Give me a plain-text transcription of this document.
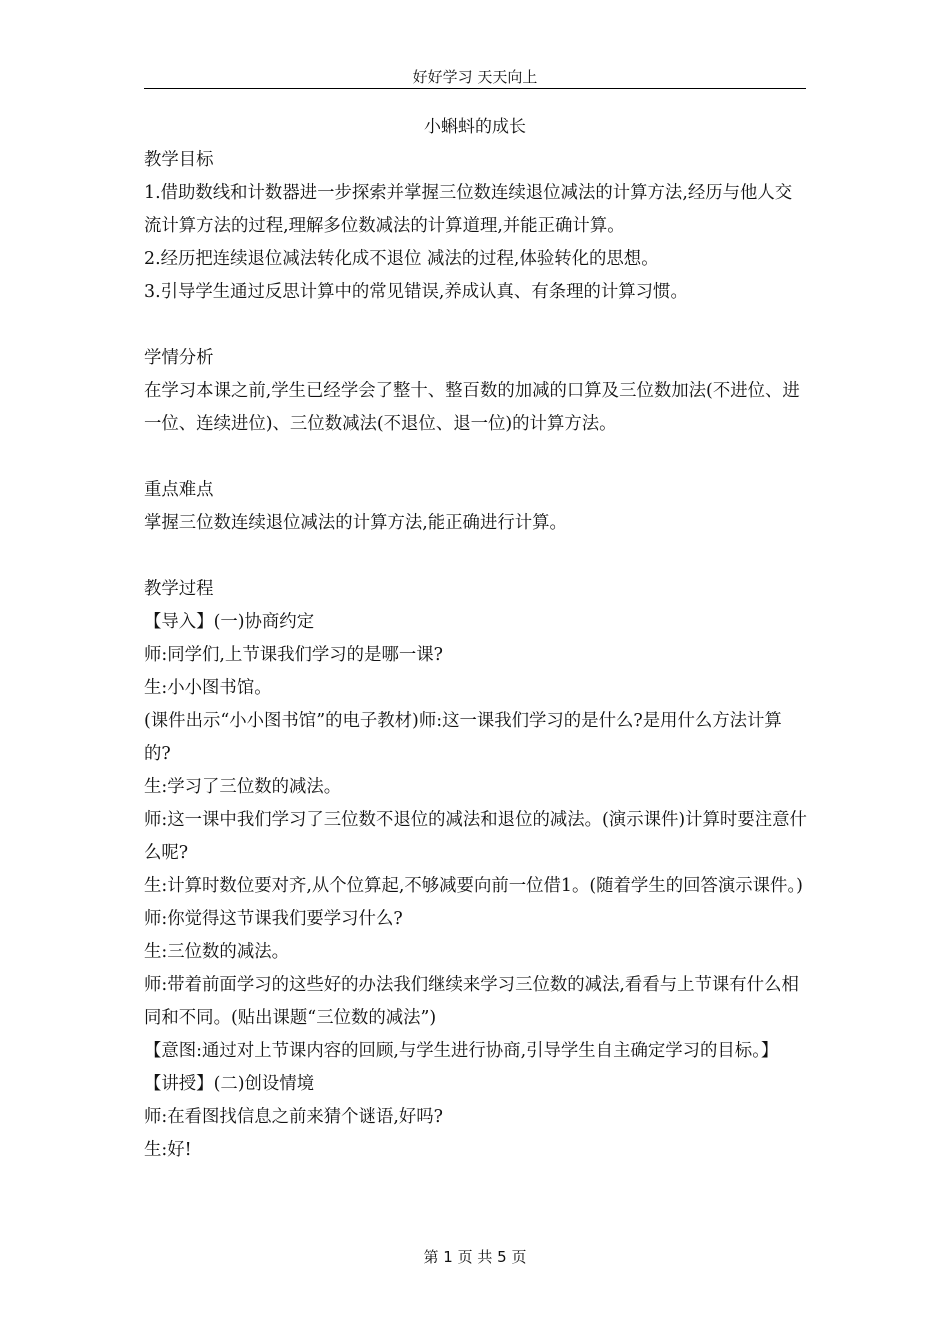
好好学习 天天向上
小蝌蚪的成长

教学目标

1.借助数线和计数器进一步探索并掌握三位数连续退位减法的计算方法,经历与他人交流计算方法的过程,理解多位数减法的计算道理,并能正确计算。

2.经历把连续退位减法转化成不退位 减法的过程,体验转化的思想。

3.引导学生通过反思计算中的常见错误,养成认真、有条理的计算习惯。

学情分析

在学习本课之前,学生已经学会了整十、整百数的加减的口算及三位数加法(不进位、进一位、连续进位)、三位数减法(不退位、退一位)的计算方法。

重点难点

掌握三位数连续退位减法的计算方法,能正确进行计算。

教学过程

【导入】(一)协商约定

师:同学们,上节课我们学习的是哪一课?

生:小小图书馆。

(课件出示“小小图书馆”的电子教材)师:这一课我们学习的是什么?是用什么方法计算的?

生:学习了三位数的减法。

师:这一课中我们学习了三位数不退位的减法和退位的减法。(演示课件)计算时要注意什么呢?

生:计算时数位要对齐,从个位算起,不够减要向前一位借1。(随着学生的回答演示课件。)

师:你觉得这节课我们要学习什么?

生:三位数的减法。

师:带着前面学习的这些好的办法我们继续来学习三位数的减法,看看与上节课有什么相同和不同。(贴出课题“三位数的减法”)

【意图:通过对上节课内容的回顾,与学生进行协商,引导学生自主确定学习的目标。】

【讲授】(二)创设情境

师:在看图找信息之前来猜个谜语,好吗?

生:好!

第 1 页 共 5 页
